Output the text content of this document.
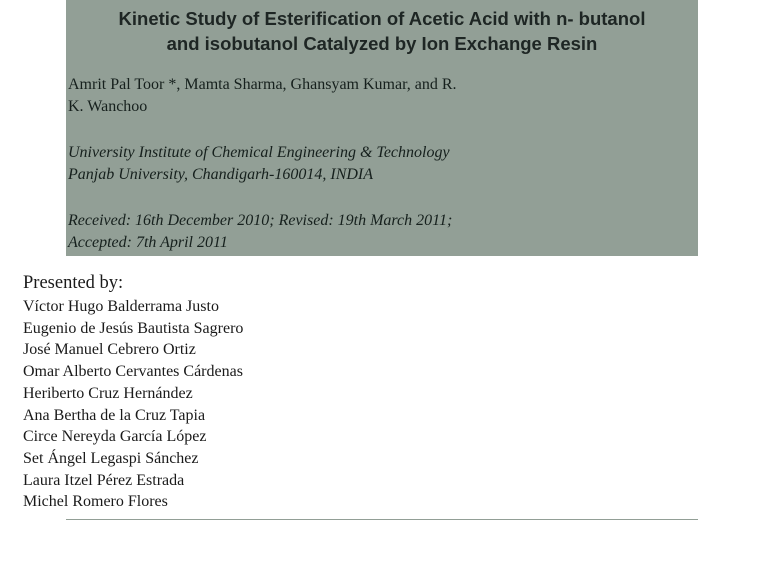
Kinetic Study of Esterification of Acetic Acid with n- butanol
and isobutanol Catalyzed by Ion Exchange Resin
Amrit Pal Toor *, Mamta Sharma, Ghansyam Kumar, and R.
K. Wanchoo
University Institute of Chemical Engineering & Technology
Panjab University, Chandigarh-160014, INDIA
Received: 16th December 2010; Revised: 19th March 2011;
Accepted: 7th April 2011

Presented by:

Víctor Hugo Balderrama Justo
Eugenio de Jesús Bautista Sagrero
José Manuel Cebrero Ortiz
Omar Alberto Cervantes Cárdenas
Heriberto Cruz Hernández
Ana Bertha de la Cruz Tapia
Circe Nereyda García López
Set Ángel Legaspi Sánchez
Laura Itzel Pérez Estrada
Michel Romero Flores
